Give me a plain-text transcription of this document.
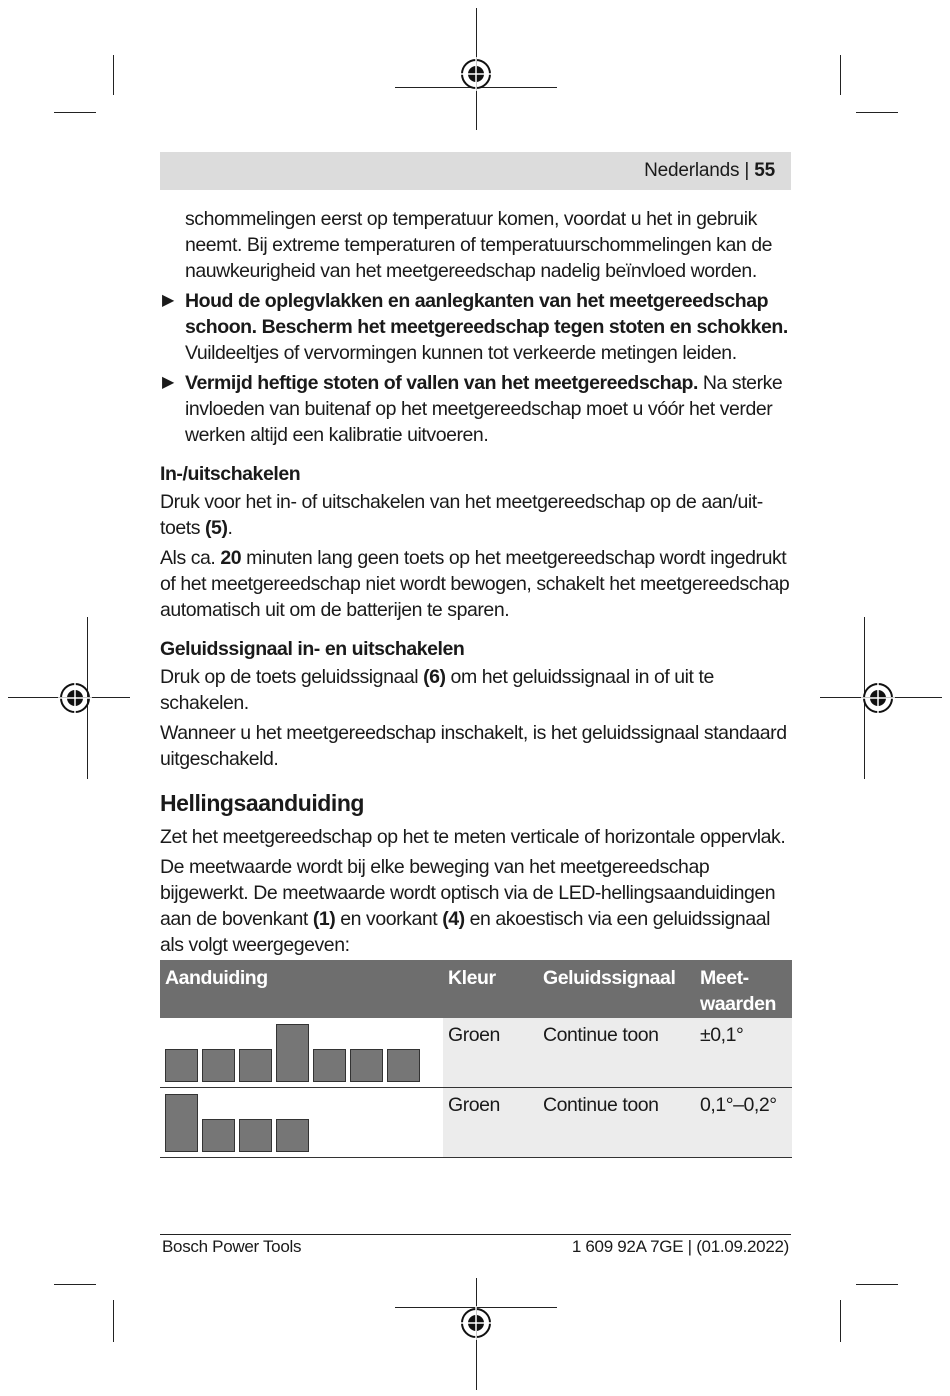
Nederlands | 55

schommelingen eerst op temperatuur komen, voordat u het in gebruik neemt. Bij extreme temperaturen of temperatuurschommelingen kan de nauwkeurigheid van het meetgereedschap nadelig beïnvloed worden.

▶ Houd de oplegvlakken en aanlegkanten van het meetgereedschap schoon. Bescherm het meetgereedschap tegen stoten en schokken. Vuildeeltjes of vervormingen kunnen tot verkeerde metingen leiden.

▶ Vermijd heftige stoten of vallen van het meetgereedschap. Na sterke invloeden van buitenaf op het meetgereedschap moet u vóór het verder werken altijd een kalibratie uitvoeren.

In-/uitschakelen

Druk voor het in- of uitschakelen van het meetgereedschap op de aan/uit-toets (5).

Als ca. 20 minuten lang geen toets op het meetgereedschap wordt ingedrukt of het meetgereedschap niet wordt bewogen, schakelt het meetgereedschap automatisch uit om de batterijen te sparen.

Geluidssignaal in- en uitschakelen

Druk op de toets geluidssignaal (6) om het geluidssignaal in of uit te schakelen.

Wanneer u het meetgereedschap inschakelt, is het geluidssignaal standaard uitgeschakeld.

Hellingsaanduiding

Zet het meetgereedschap op het te meten verticale of horizontale oppervlak.

De meetwaarde wordt bij elke beweging van het meetgereedschap bijgewerkt. De meetwaarde wordt optisch via de LED-hellingsaanduidingen aan de bovenkant (1) en voorkant (4) en akoestisch via een geluidssignaal als volgt weergegeven:

Aanduiding	Kleur	Geluidssignaal	Meet-waarden

	Groen	Continue toon	±0,1°

	Groen	Continue toon	0,1°–0,2°
Bosch Power Tools	1 609 92A 7GE | (01.09.2022)
